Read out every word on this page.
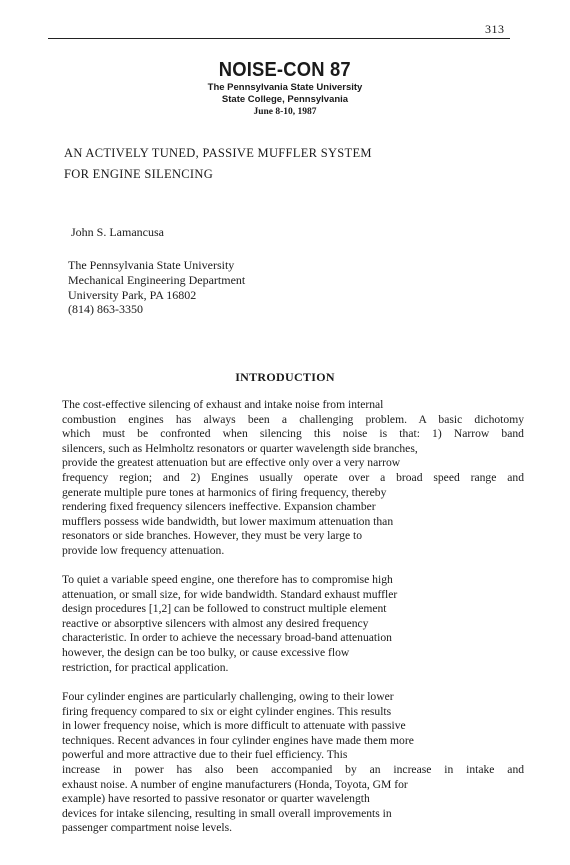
313
NOISE-CON 87
The Pennsylvania State University
State College, Pennsylvania
June 8-10, 1987
AN ACTIVELY TUNED, PASSIVE MUFFLER SYSTEM
FOR ENGINE SILENCING
John S. Lamancusa
The Pennsylvania State University
Mechanical Engineering Department
University Park, PA 16802
(814) 863-3350
INTRODUCTION
The cost-effective silencing of exhaust and intake noise from internal
combustion engines has always been a challenging problem. A basic dichotomy
which must be confronted when silencing this noise is that: 1) Narrow band
silencers, such as Helmholtz resonators or quarter wavelength side branches,
provide the greatest attenuation but are effective only over a very narrow
frequency region; and 2) Engines usually operate over a broad speed range and
generate multiple pure tones at harmonics of firing frequency, thereby
rendering fixed frequency silencers ineffective. Expansion chamber
mufflers possess wide bandwidth, but lower maximum attenuation than
resonators or side branches. However, they must be very large to
provide low frequency attenuation.
To quiet a variable speed engine, one therefore has to compromise high
attenuation, or small size, for wide bandwidth. Standard exhaust muffler
design procedures [1,2] can be followed to construct multiple element
reactive or absorptive silencers with almost any desired frequency
characteristic. In order to achieve the necessary broad-band attenuation
however, the design can be too bulky, or cause excessive flow
restriction, for practical application.
Four cylinder engines are particularly challenging, owing to their lower
firing frequency compared to six or eight cylinder engines. This results
in lower frequency noise, which is more difficult to attenuate with passive
techniques. Recent advances in four cylinder engines have made them more
powerful and more attractive due to their fuel efficiency. This
increase in power has also been accompanied by an increase in intake and
exhaust noise. A number of engine manufacturers (Honda, Toyota, GM for
example) have resorted to passive resonator or quarter wavelength
devices for intake silencing, resulting in small overall improvements in
passenger compartment noise levels.
